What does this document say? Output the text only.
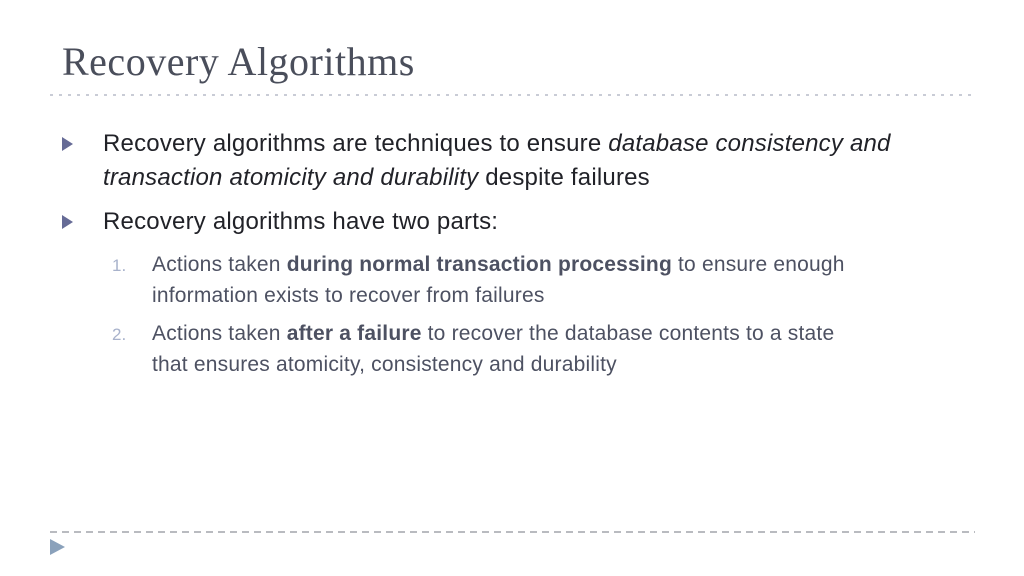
Recovery Algorithms
Recovery algorithms are techniques to ensure database consistency and
transaction atomicity and durability despite failures
Recovery algorithms have two parts:
1.	Actions taken during normal transaction processing to ensure enough
information exists to recover from failures
2.	Actions taken after a failure to recover the database contents to a state
that ensures atomicity, consistency and durability
